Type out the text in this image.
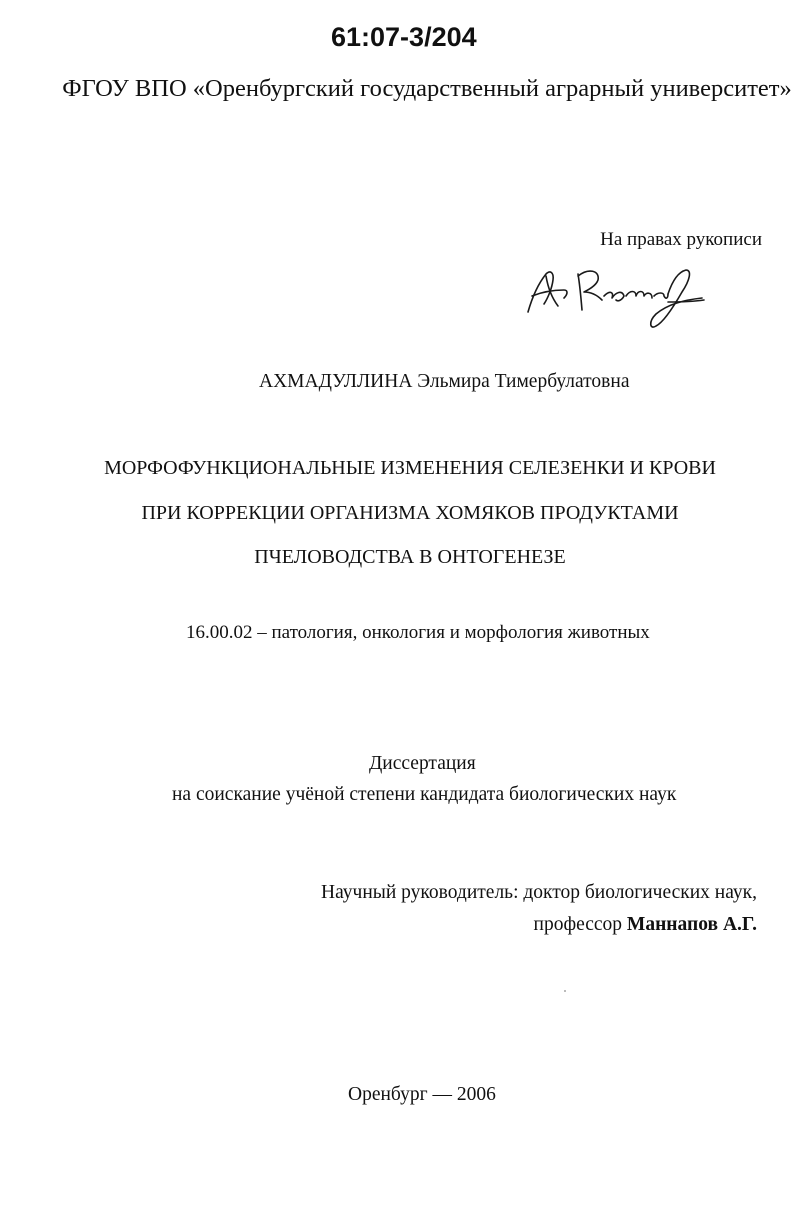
61:07-3/204
ФГОУ ВПО «Оренбургский государственный аграрный университет»
На правах рукописи
АХМАДУЛЛИНА Эльмира Тимербулатовна
МОРФОФУНКЦИОНАЛЬНЫЕ ИЗМЕНЕНИЯ СЕЛЕЗЕНКИ И КРОВИ
ПРИ КОРРЕКЦИИ ОРГАНИЗМА ХОМЯКОВ ПРОДУКТАМИ
ПЧЕЛОВОДСТВА В ОНТОГЕНЕЗЕ
16.00.02 – патология, онкология и морфология животных
Диссертация
на соискание учёной степени кандидата биологических наук
Научный руководитель: доктор биологических наук,
профессор Маннапов А.Г.
Оренбург — 2006
